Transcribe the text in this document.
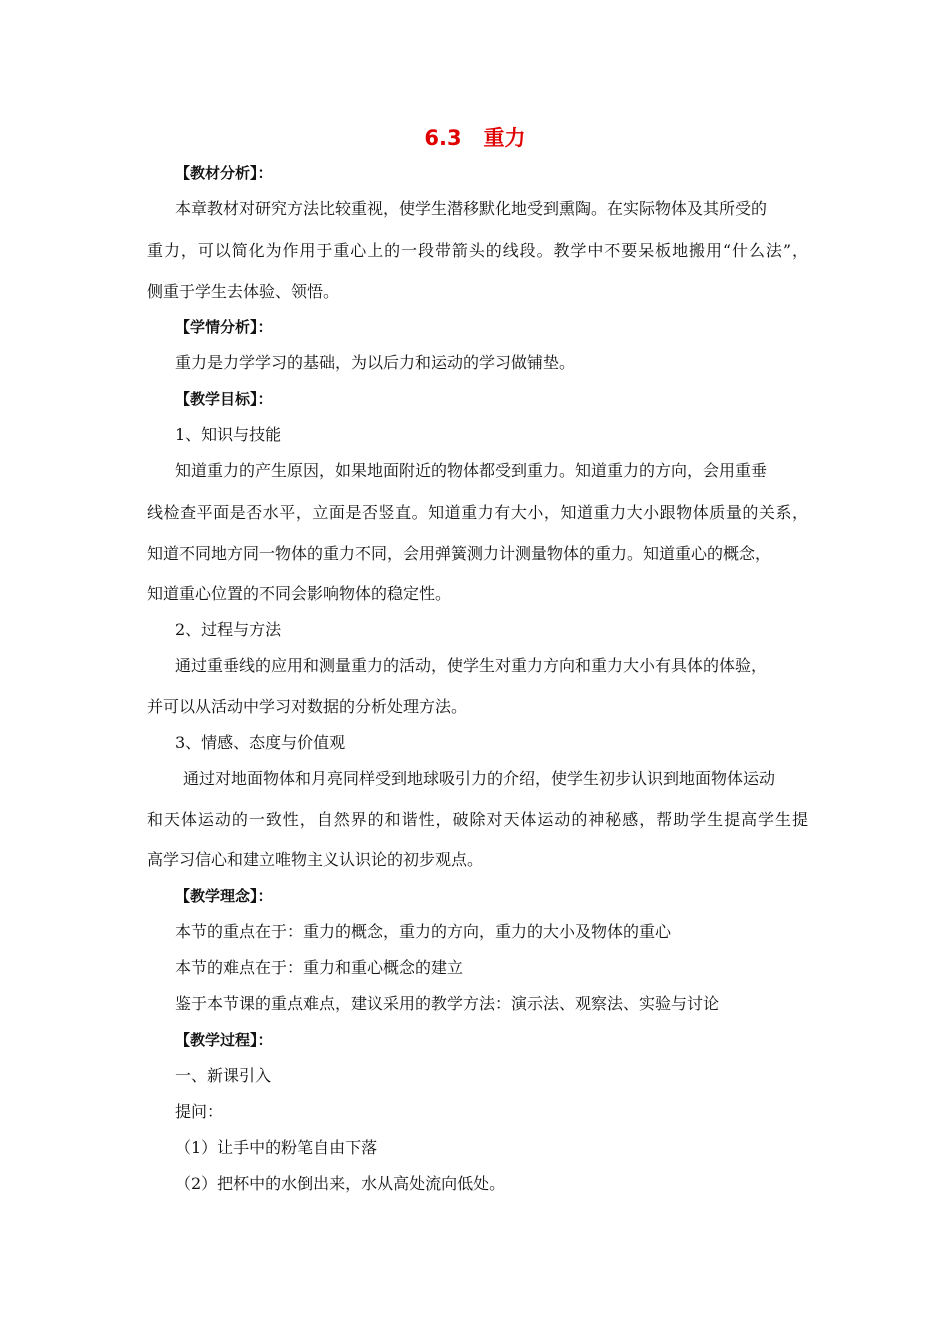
6.3   重力
【教材分析】：
本章教材对研究方法比较重视，使学生潜移默化地受到熏陶。在实际物体及其所受的
重力，可以简化为作用于重心上的一段带箭头的线段。教学中不要呆板地搬用“什么法”，
侧重于学生去体验、领悟。
【学情分析】：
重力是力学学习的基础，为以后力和运动的学习做铺垫。
【教学目标】：
1、知识与技能
知道重力的产生原因，如果地面附近的物体都受到重力。知道重力的方向，会用重垂
线检查平面是否水平，立面是否竖直。知道重力有大小，知道重力大小跟物体质量的关系，
知道不同地方同一物体的重力不同，会用弹簧测力计测量物体的重力。知道重心的概念，
知道重心位置的不同会影响物体的稳定性。
2、过程与方法
通过重垂线的应用和测量重力的活动，使学生对重力方向和重力大小有具体的体验，
并可以从活动中学习对数据的分析处理方法。
3、情感、态度与价值观
通过对地面物体和月亮同样受到地球吸引力的介绍，使学生初步认识到地面物体运动
和天体运动的一致性，自然界的和谐性，破除对天体运动的神秘感，帮助学生提高学生提
高学习信心和建立唯物主义认识论的初步观点。
【教学理念】：
本节的重点在于：重力的概念，重力的方向，重力的大小及物体的重心
本节的难点在于：重力和重心概念的建立
鉴于本节课的重点难点，建议采用的教学方法：演示法、观察法、实验与讨论
【教学过程】：
一、新课引入
提问：
（1）让手中的粉笔自由下落
（2）把杯中的水倒出来，水从高处流向低处。
